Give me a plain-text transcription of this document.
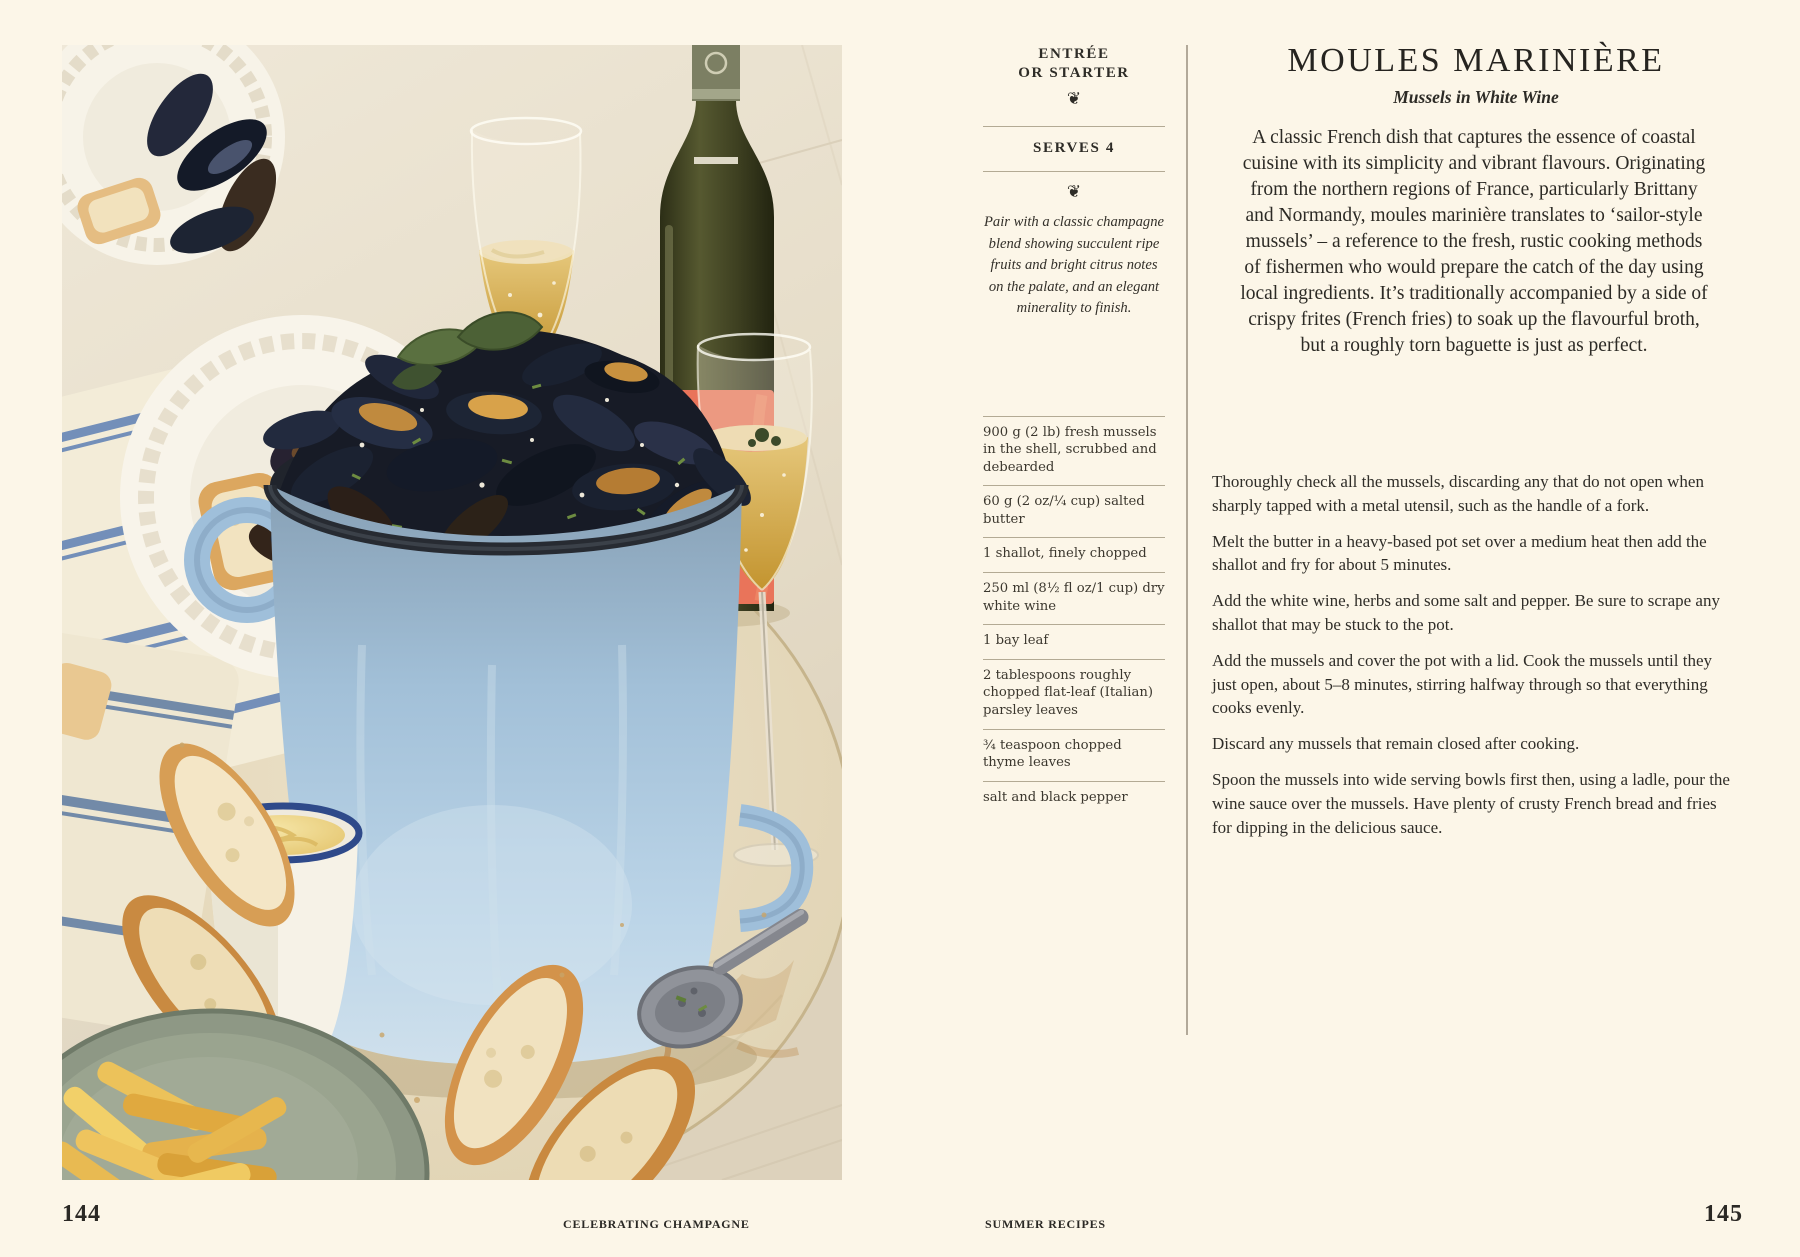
ENTRÉE
OR STARTER
❦
SERVES 4
❦

Pair with a classic champagne blend showing succulent ripe fruits and bright citrus notes on the palate, and an elegant minerality to finish.

900 g (2 lb) fresh mussels in the shell, scrubbed and debearded
60 g (2 oz/¼ cup) salted butter
1 shallot, finely chopped
250 ml (8½ fl oz/1 cup) dry white wine
1 bay leaf
2 tablespoons roughly chopped flat-leaf (Italian) parsley leaves
¾ teaspoon chopped thyme leaves
salt and black pepper
MOULES MARINIÈRE
Mussels in White Wine

A classic French dish that captures the essence of coastal cuisine with its simplicity and vibrant flavours. Originating from the northern regions of France, particularly Brittany and Normandy, moules marinière translates to ‘sailor-style mussels’ – a reference to the fresh, rustic cooking methods of fishermen who would prepare the catch of the day using local ingredients. It’s traditionally accompanied by a side of crispy frites (French fries) to soak up the flavourful broth, but a roughly torn baguette is just as perfect.

Thoroughly check all the mussels, discarding any that do not open when sharply tapped with a metal utensil, such as the handle of a fork.

Melt the butter in a heavy-based pot set over a medium heat then add the shallot and fry for about 5 minutes.

Add the white wine, herbs and some salt and pepper. Be sure to scrape any shallot that may be stuck to the pot.

Add the mussels and cover the pot with a lid. Cook the mussels until they just open, about 5–8 minutes, stirring halfway through so that everything cooks evenly.

Discard any mussels that remain closed after cooking.

Spoon the mussels into wide serving bowls first then, using a ladle, pour the wine sauce over the mussels. Have plenty of crusty French bread and fries for dipping in the delicious sauce.

144	CELEBRATING CHAMPAGNE	SUMMER RECIPES	145
